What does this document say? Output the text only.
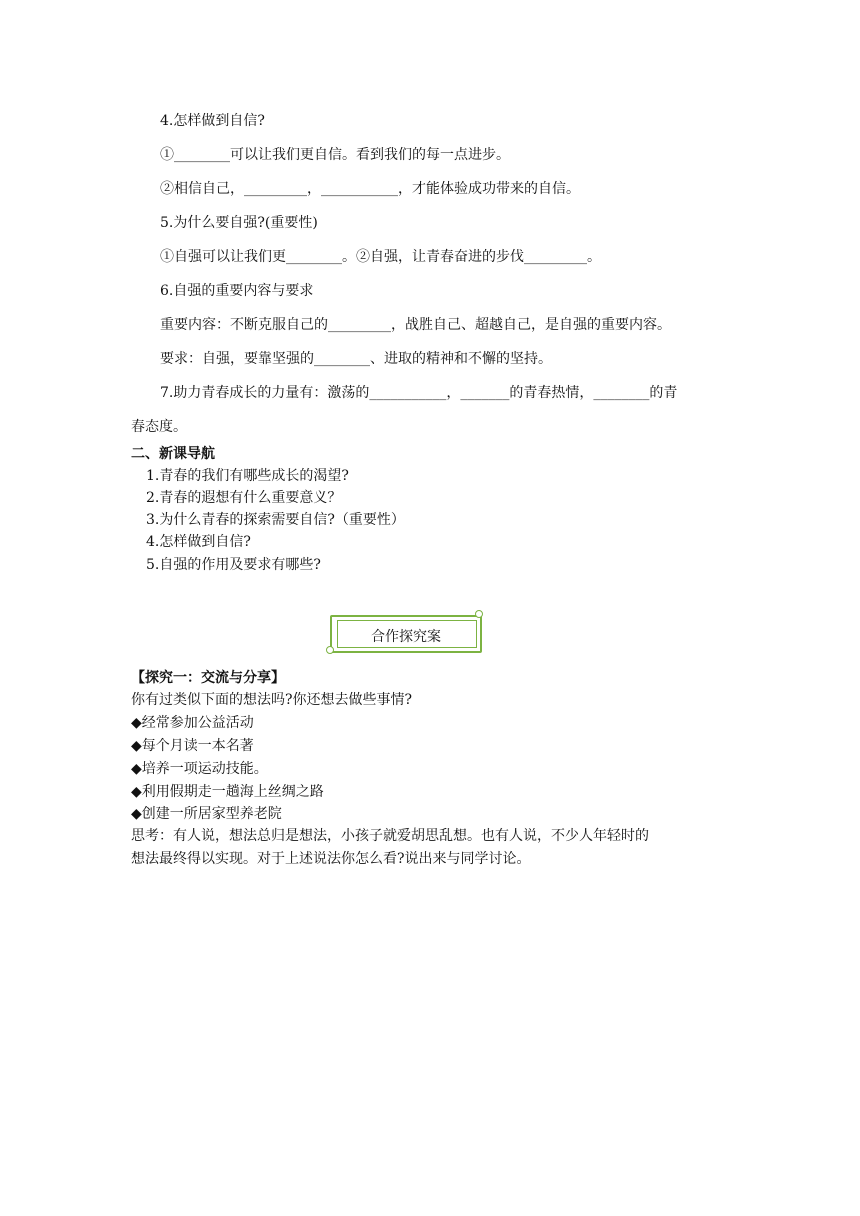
4.怎样做到自信?
①________可以让我们更自信。看到我们的每一点进步。
②相信自己，_________，___________，才能体验成功带来的自信。
5.为什么要自强?(重要性)
①自强可以让我们更________。②自强，让青春奋进的步伐_________。
6.自强的重要内容与要求
重要内容：不断克服自己的_________，战胜自己、超越自己，是自强的重要内容。
要求：自强，要靠坚强的________、进取的精神和不懈的坚持。
7.助力青春成长的力量有：激荡的___________，_______的青春热情，________的青
春态度。
二、新课导航
1.青春的我们有哪些成长的渴望?
2.青春的遐想有什么重要意义？
3.为什么青春的探索需要自信?（重要性）
4.怎样做到自信?
5.自强的作用及要求有哪些?
合作探究案
【探究一：交流与分享】
你有过类似下面的想法吗?你还想去做些事情?
◆经常参加公益活动
◆每个月读一本名著
◆培养一项运动技能。
◆利用假期走一趟海上丝绸之路
◆创建一所居家型养老院
思考：有人说，想法总归是想法，小孩子就爱胡思乱想。也有人说，不少人年轻时的
想法最终得以实现。对于上述说法你怎么看?说出来与同学讨论。
